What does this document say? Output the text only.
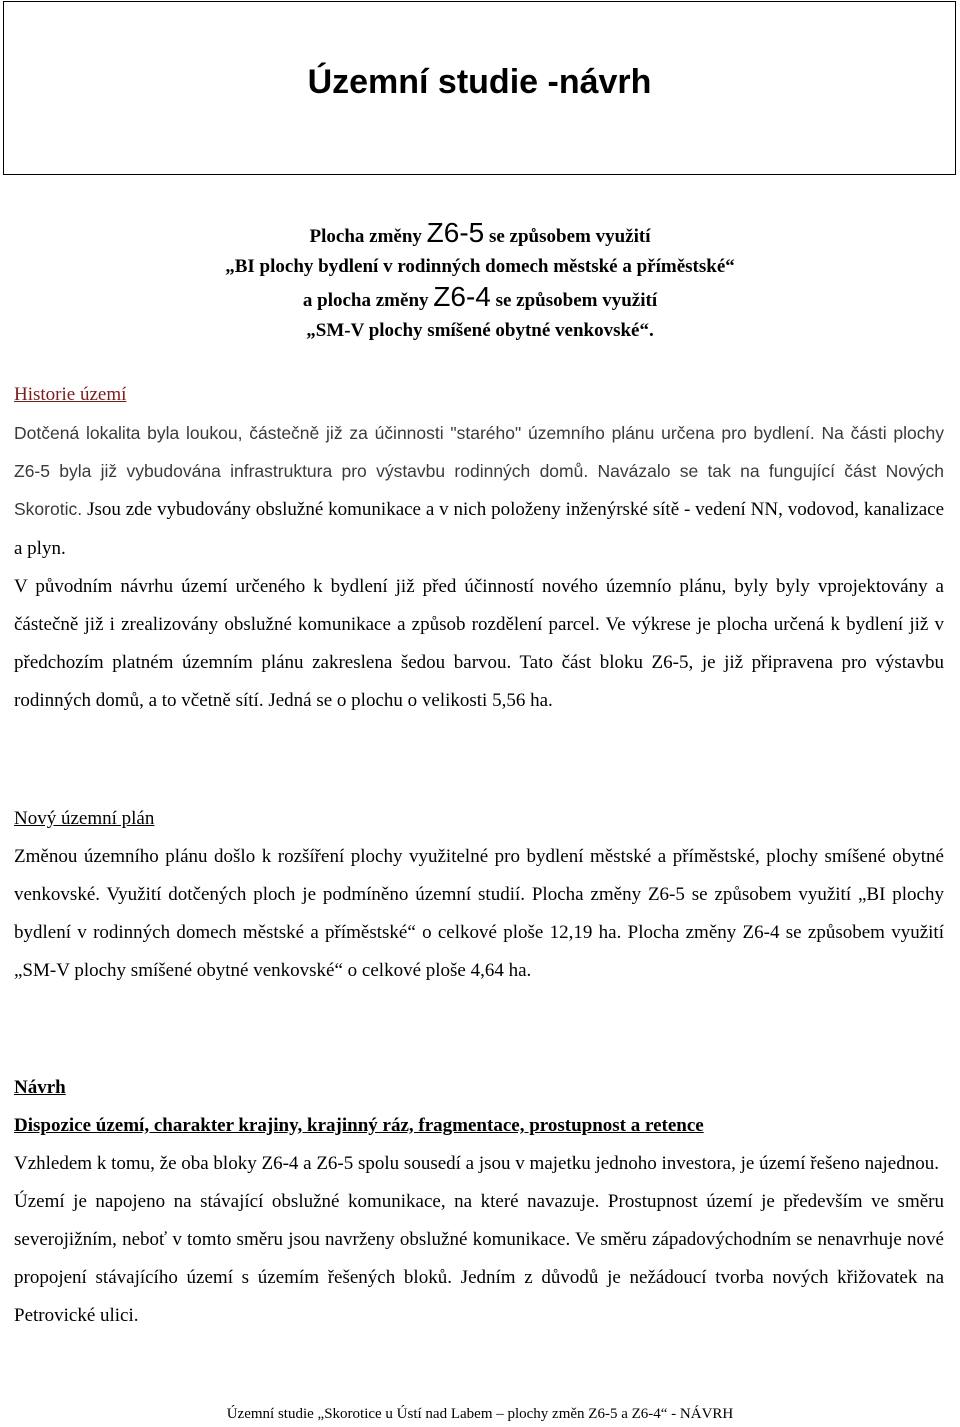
Územní studie -návrh
Plocha změny Z6-5 se způsobem využití
„BI plochy bydlení v rodinných domech městské a příměstské“
a plocha změny Z6-4 se způsobem využití
„SM-V plochy smíšené obytné venkovské“.

Historie území

Dotčená lokalita byla loukou, částečně již za účinnosti "starého" územního plánu určena pro bydlení. Na části plochy Z6-5 byla již vybudována infrastruktura pro výstavbu rodinných domů. Navázalo se tak na fungující část Nových Skorotic. Jsou zde vybudovány obslužné komunikace a v nich položeny inženýrské sítě - vedení NN, vodovod, kanalizace a plyn.

V původním návrhu území určeného k bydlení již před účinností nového územnío plánu, byly byly vprojektovány a částečně již i zrealizovány obslužné komunikace a způsob rozdělení parcel. Ve výkrese je plocha určená k bydlení již v předchozím platném územním plánu zakreslena šedou barvou. Tato část bloku Z6-5, je již připravena pro výstavbu rodinných domů, a to včetně sítí. Jedná se o plochu o velikosti 5,56 ha.

Nový územní plán

Změnou územního plánu došlo k rozšíření plochy využitelné pro bydlení městské a příměstské, plochy smíšené obytné venkovské. Využití dotčených ploch je podmíněno územní studií. Plocha změny Z6-5 se způsobem využití „BI plochy bydlení v rodinných domech městské a příměstské“ o celkové ploše 12,19 ha. Plocha změny Z6-4 se způsobem využití „SM-V plochy smíšené obytné venkovské“ o celkové ploše 4,64 ha.

Návrh

Dispozice území, charakter krajiny, krajinný ráz, fragmentace, prostupnost a retence

Vzhledem k tomu, že oba bloky Z6-4 a Z6-5 spolu sousedí a jsou v majetku jednoho investora, je území řešeno najednou.

Území je napojeno na stávající obslužné komunikace, na které navazuje. Prostupnost území je především ve směru severojižním, neboť v tomto směru jsou navrženy obslužné komunikace. Ve směru západovýchodním se nenavrhuje nové propojení stávajícího území s územím řešených bloků. Jedním z důvodů je nežádoucí tvorba nových křižovatek na Petrovické ulici.

Územní studie „Skorotice u Ústí nad Labem – plochy změn Z6-5 a Z6-4“ - NÁVRH
